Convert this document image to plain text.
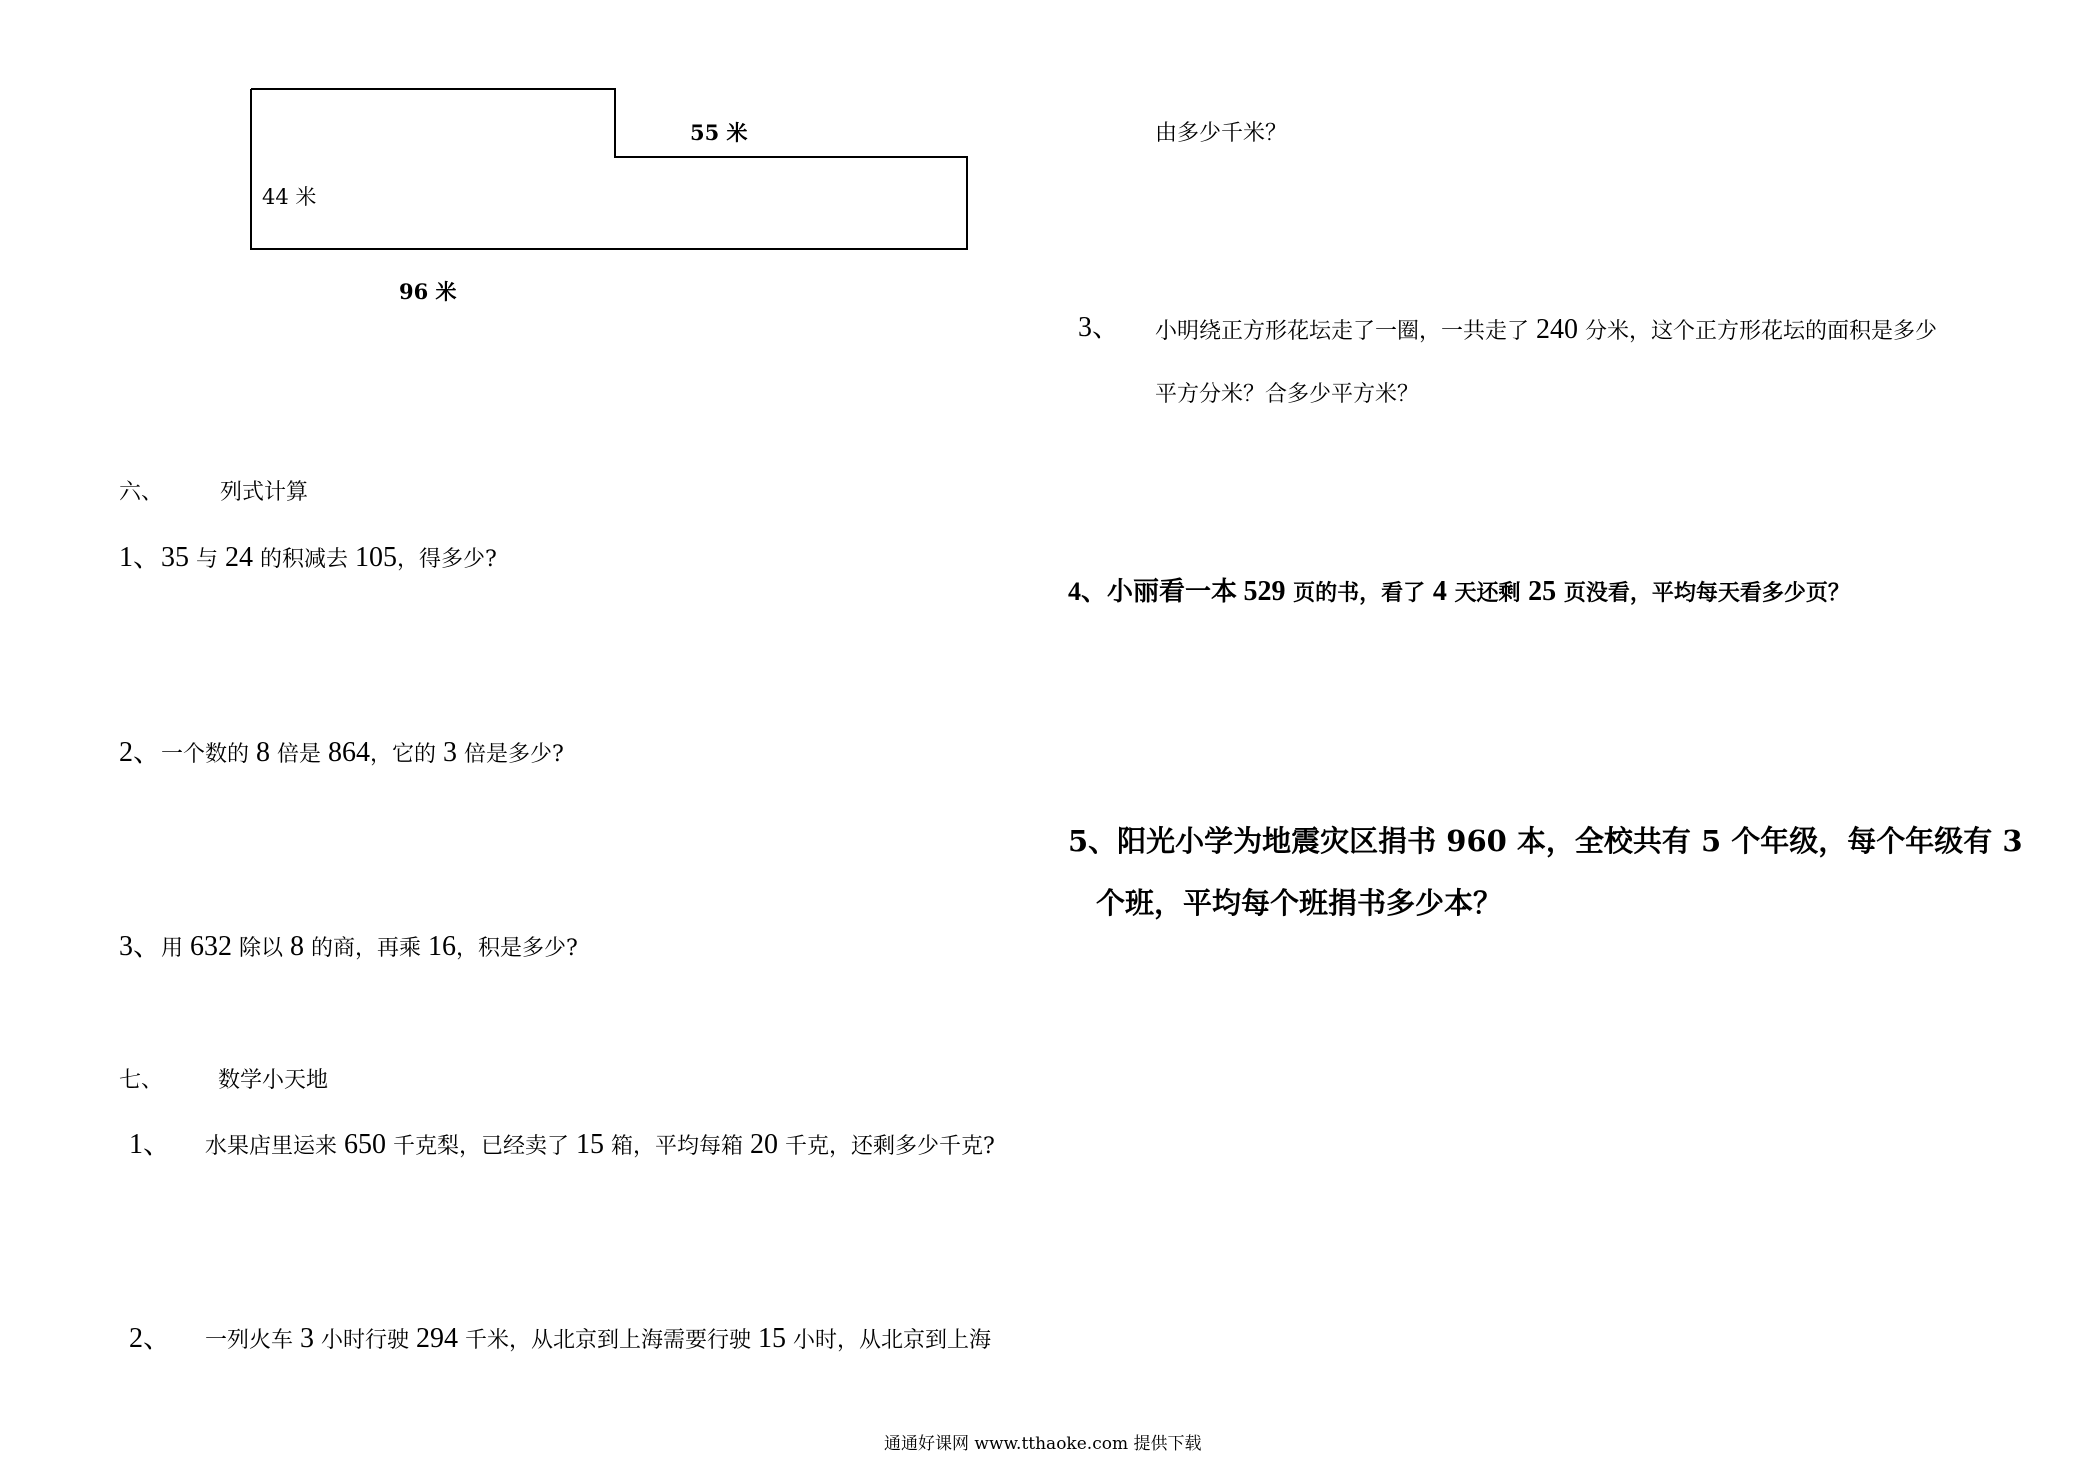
55 米
44 米
96 米
六、	列式计算
1、35 与 24 的积减去 105，得多少?
2、一个数的 8 倍是 864，它的 3 倍是多少?
3、用 632 除以 8 的商，再乘 16，积是多少?
七、 数学小天地
1、 水果店里运来 650 千克梨，已经卖了 15 箱，平均每箱 20 千克，还剩多少千克?
2、 一列火车 3 小时行驶 294 千米，从北京到上海需要行驶 15 小时，从北京到上海
由多少千米？
3、 小明绕正方形花坛走了一圈，一共走了 240 分米，这个正方形花坛的面积是多少
平方分米？合多少平方米？
4、小丽看一本 529 页的书，看了 4 天还剩 25 页没看，平均每天看多少页？
5、阳光小学为地震灾区捐书 960 本，全校共有 5 个年级，每个年级有 3
个班，平均每个班捐书多少本？
通通好课网 www.tthaoke.com 提供下载
